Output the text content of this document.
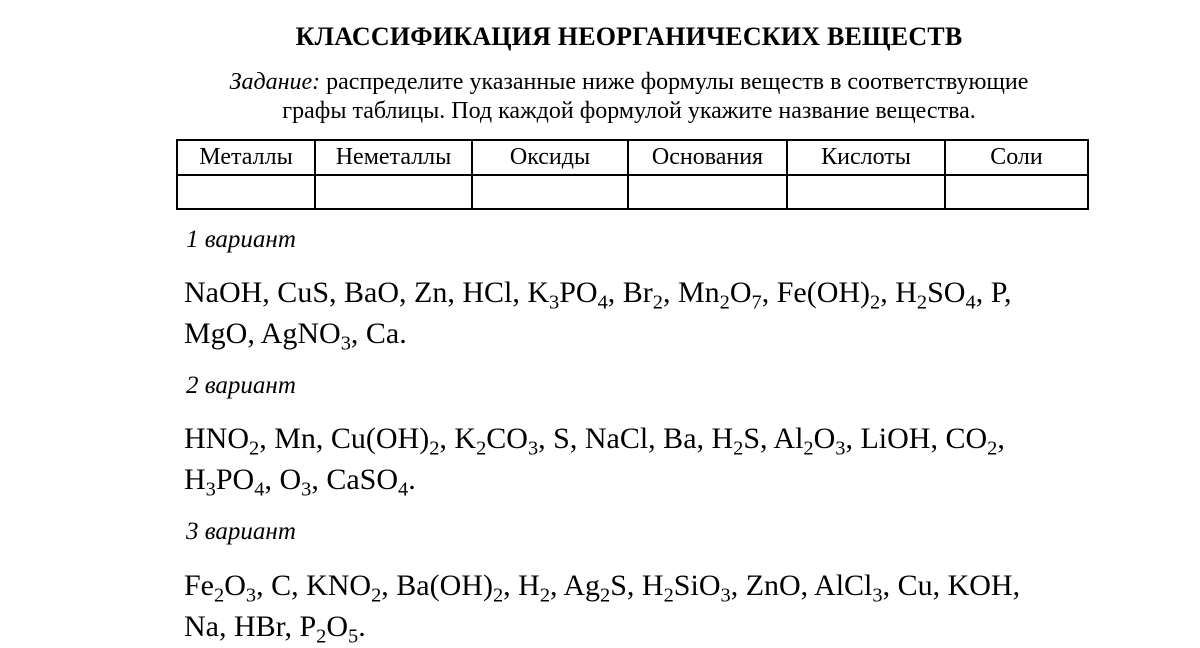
КЛАССИФИКАЦИЯ НЕОРГАНИЧЕСКИХ ВЕЩЕСТВ
Задание: распределите указанные ниже формулы веществ в соответствующие
графы таблицы. Под каждой формулой укажите название вещества.
Металлы	Неметаллы	Оксиды	Основания	Кислоты	Соли

1 вариант
NaOH, CuS, BaO, Zn, HCl, $K_3PO_4$, $Br_2$, $Mn_2O_7$, $Fe(OH)_2$, $H_2SO_4$, P,
MgO, AgNO$_3$, Ca.
2 вариант
$HNO_2$, Mn, $Cu(OH)_2$, $K_2CO_3$, S, NaCl, Ba, $H_2S$, $Al_2O_3$, LiOH, $CO_2$,
$H_3PO_4$, $O_3$, CaSO$_4$.
3 вариант
$Fe_2O_3$, C, $KNO_2$, $Ba(OH)_2$, $H_2$, $Ag_2S$, $H_2SiO_3$, ZnO, AlCl$_3$, Cu, KOH,
Na, HBr, $P_2O_5$.
